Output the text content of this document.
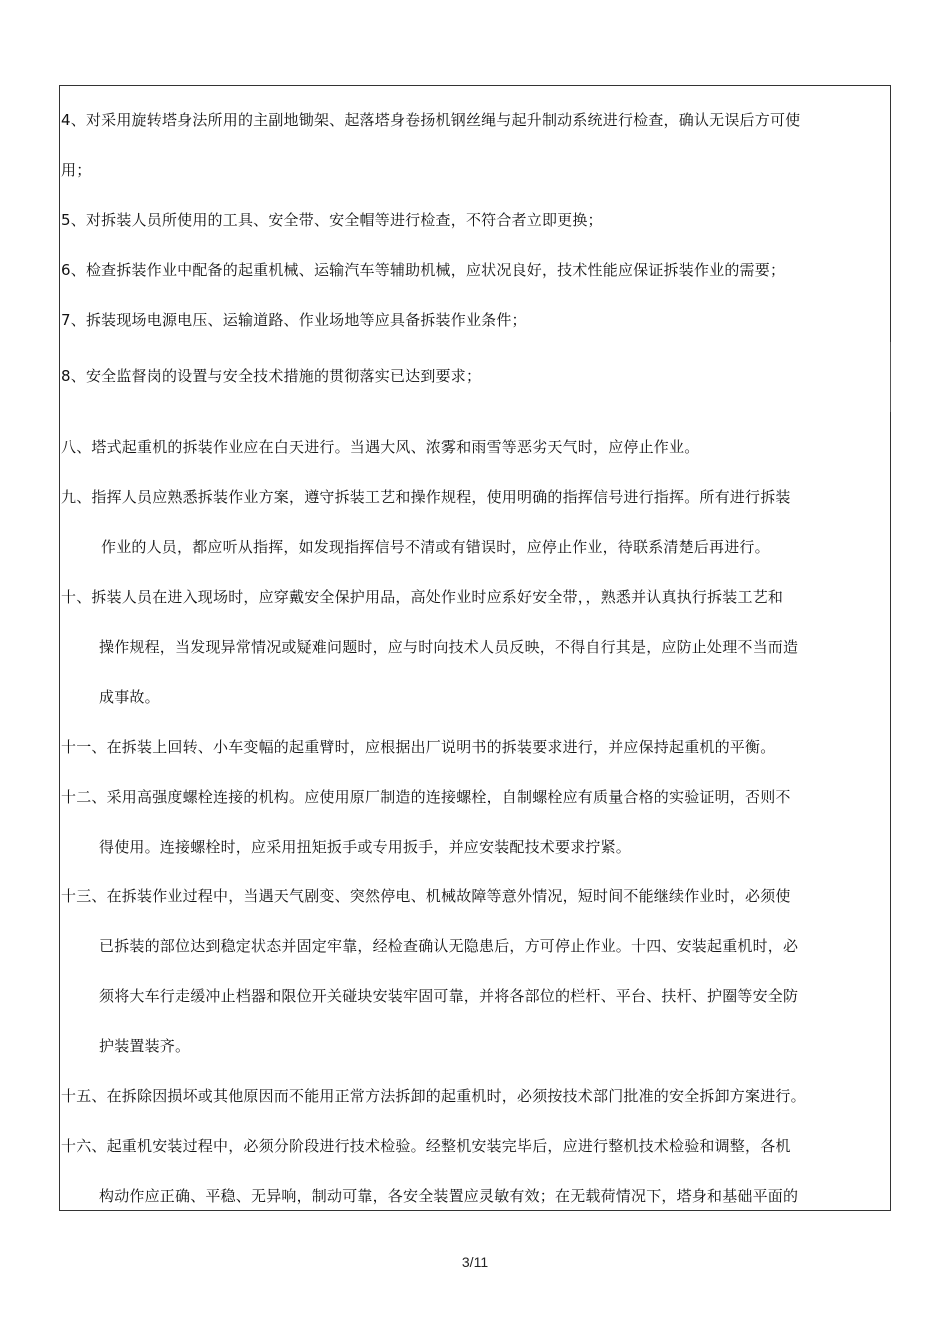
4、对采用旋转塔身法所用的主副地锄架、起落塔身卷扬机钢丝绳与起升制动系统进行检查，确认无误后方可使
用；
5、对拆装人员所使用的工具、安全带、安全帽等进行检查，不符合者立即更换；
6、检查拆装作业中配备的起重机械、运输汽车等辅助机械，应状况良好，技术性能应保证拆装作业的需要；
7、拆装现场电源电压、运输道路、作业场地等应具备拆装作业条件；
8、安全监督岗的设置与安全技术措施的贯彻落实已达到要求；
八、塔式起重机的拆装作业应在白天进行。当遇大风、浓雾和雨雪等恶劣天气时，应停止作业。
九、指挥人员应熟悉拆装作业方案，遵守拆装工艺和操作规程，使用明确的指挥信号进行指挥。所有进行拆装
作业的人员，都应听从指挥，如发现指挥信号不清或有错误时，应停止作业，待联系清楚后再进行。
十、拆装人员在进入现场时，应穿戴安全保护用品，高处作业时应系好安全带，，熟悉并认真执行拆装工艺和
操作规程，当发现异常情况或疑难问题时，应与时向技术人员反映，不得自行其是，应防止处理不当而造
成事故。
十一、在拆装上回转、小车变幅的起重臂时，应根据出厂说明书的拆装要求进行，并应保持起重机的平衡。
十二、采用高强度螺栓连接的机构。应使用原厂制造的连接螺栓，自制螺栓应有质量合格的实验证明，否则不
得使用。连接螺栓时，应采用扭矩扳手或专用扳手，并应安装配技术要求拧紧。
十三、在拆装作业过程中，当遇天气剧变、突然停电、机械故障等意外情况，短时间不能继续作业时，必须使
已拆装的部位达到稳定状态并固定牢靠，经检查确认无隐患后，方可停止作业。十四、安装起重机时，必
须将大车行走缓冲止档器和限位开关碰块安装牢固可靠，并将各部位的栏杆、平台、扶杆、护圈等安全防
护装置装齐。
十五、在拆除因损坏或其他原因而不能用正常方法拆卸的起重机时，必须按技术部门批准的安全拆卸方案进行。
十六、起重机安装过程中，必须分阶段进行技术检验。经整机安装完毕后，应进行整机技术检验和调整，各机
构动作应正确、平稳、无异响，制动可靠，各安全装置应灵敏有效；在无载荷情况下，塔身和基础平面的
3/11
